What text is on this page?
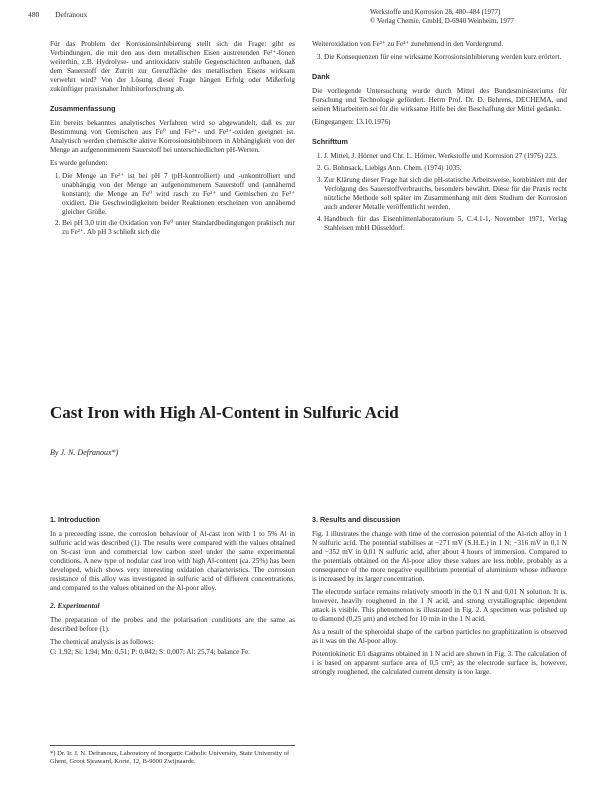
480 Defranoux	Werkstoffe und Korrosion 28, 480–484 (1977)
© Verlag Chemie, GmbH, D-6940 Weinheim, 1977

Für das Problem der Korrosionsinhibierung stellt sich die Frage: gibt es Verbindungen, die mit den aus dem metallischen Eisen austretenden Fe²⁺-Ionen weiterhin, z.B. Hydrolyse- und antioxidativ stabile Gegenschichten aufbauen, daß dem Sauerstoff der Zutritt zur Grenzfläche des metallischen Eisens wirksam verwehrt wird? Von der Lösung dieser Frage hängen Erfolg oder Mißerfolg zukünftiger praxisnaher Inhibitorforschung ab.

Zusammenfassung

Ein bereits bekanntes analytisches Verfahren wird so abgewandelt, daß es zur Bestimmung von Gemischen aus Fe⁰ und Fe²⁺- und Fe³⁺-oxiden geeignet ist. Analytisch werden chemische aktive Korrosionsinhibitoren in Abhängigkeit von der Menge an aufgenommenem Sauerstoff bei unterschiedlichen pH-Werten.

Es wurde gefunden:

1. Die Menge an Fe²⁺ ist bei pH 7 (pH-kontrolliert) und -unkontrolliert und unabhängig von der Menge an aufgenommenem Sauerstoff und (annähernd konstant); die Menge an Fe⁰ wird rasch zu Fe²⁺ und Gemischen zu Fe³⁺ oxidiert. Die Geschwindigkeiten beider Reaktionen erscheinen von annähernd gleicher Größe.
2. Bei pH 3,0 tritt die Oxidation von Fe⁰ unter Standardbedingungen praktisch nur zu Fe²⁺. Ab pH 3 schließt sich die
Weiteroxidation von Fe²⁺ zu Fe³⁺ zunehmend in den Vordergrund.
3. Die Konsequenzen für eine wirksame Korrosionsinhibierung werden kurz erörtert.
Dank

Die vorliegende Untersuchung wurde durch Mittel des Bundesministeriums für Forschung und Technologie gefördert. Herrn Prof. Dr. D. Behrens, DECHEMA, und seinen Mitarbeitern sei für die wirksame Hilfe bei der Beschaffung der Mittel gedankt.

(Eingegangen: 13.10.1976)

Schrifttum
1. J. Mittel, J. Hörner und Chr. L. Hörner, Werkstoffe und Korrosion 27 (1976) 223.
2. G. Bohnsack, Liebigs Ann. Chem. (1974) 1035.
3. Zur Klärung dieser Frage hat sich die pH-statische Arbeitsweise, kombiniert mit der Verfolgung des Sauerstoffverbrauchs, besonders bewährt. Diese für die Praxis recht nützliche Methode soll später im Zusammenhang mit dem Studium der Korrosion auch anderer Metalle veröffentlicht werden.
4. Handbuch für das Eisenhüttenlaboratorium 5, C.4.1-1, November 1971, Verlag Stahleisen mbH Düsseldorf.
Cast Iron with High Al-Content in Sulfuric Acid
By J. N. Defranoux*)
1. Introduction

In a preceeding issue, the corrosion behaviour of Al-cast iron with 1 to 5% Al in sulfuric acid was described (1). The results were compared with the values obtained on St-cast iron and commercial low carbon steel under the same experimental conditions. A new type of nodular cast iron with high Al-content (ca. 25%) has been developed, which shows very interesting oxidation characteristics. The corrosion resistance of this alloy was investigated in sulfuric acid of different concentrations, and compared to the values obtained on the Al-poor alloy.

2. Experimental

The preparation of the probes and the polarisation conditions are the same as described before (1).

The chemical analysis is as follows:

C: 1,92; Si: 1,94; Mn: 0,51; P: 0,042; S: 0,007; Al: 25,74; balance Fe.

*) Dr. Ir. J. N. Defranoux, Laboratory of Inorganic Catholic University, State University of Ghent, Groot Sjeaward, Korte, 12, B-9000 Zwijnaarde.
3. Results and discussion

Fig. 1 illustrates the change with time of the corrosion potential of the Al-rich alloy in 1 N sulfuric acid. The potential stabilises at −271 mV (S.H.E.) in 1 N; −316 mV in 0,1 N and −352 mV in 0,01 N sulfuric acid, after about 4 hours of immersion. Compared to the potentials obtained on the Al-poor alloy these values are less noble, probably as a consequence of the more negative equilibrium potential of aluminium whose influence is increased by its larger concentration.

The electrode surface remains relatively smooth in the 0,1 N and 0,01 N solution. It is, however, heavily roughened in the 1 N acid, and strong crystallographic dependent attack is visible. This phenomenon is illustrated in Fig. 2. A specimen was polished up to diamond (0,25 μm) and etched for 10 min in the 1 N acid.

As a result of the spheroidal shape of the carbon particles no graphitization is observed as it was on the Al-poor alloy.

Potentiokinetic E/i diagrams obtained in 1 N acid are shown in Fig. 3. The calculation of i is based on apparent surface area of 0,5 cm²; as the electrode surface is, however, strongly roughened, the calculated current density is too large.
